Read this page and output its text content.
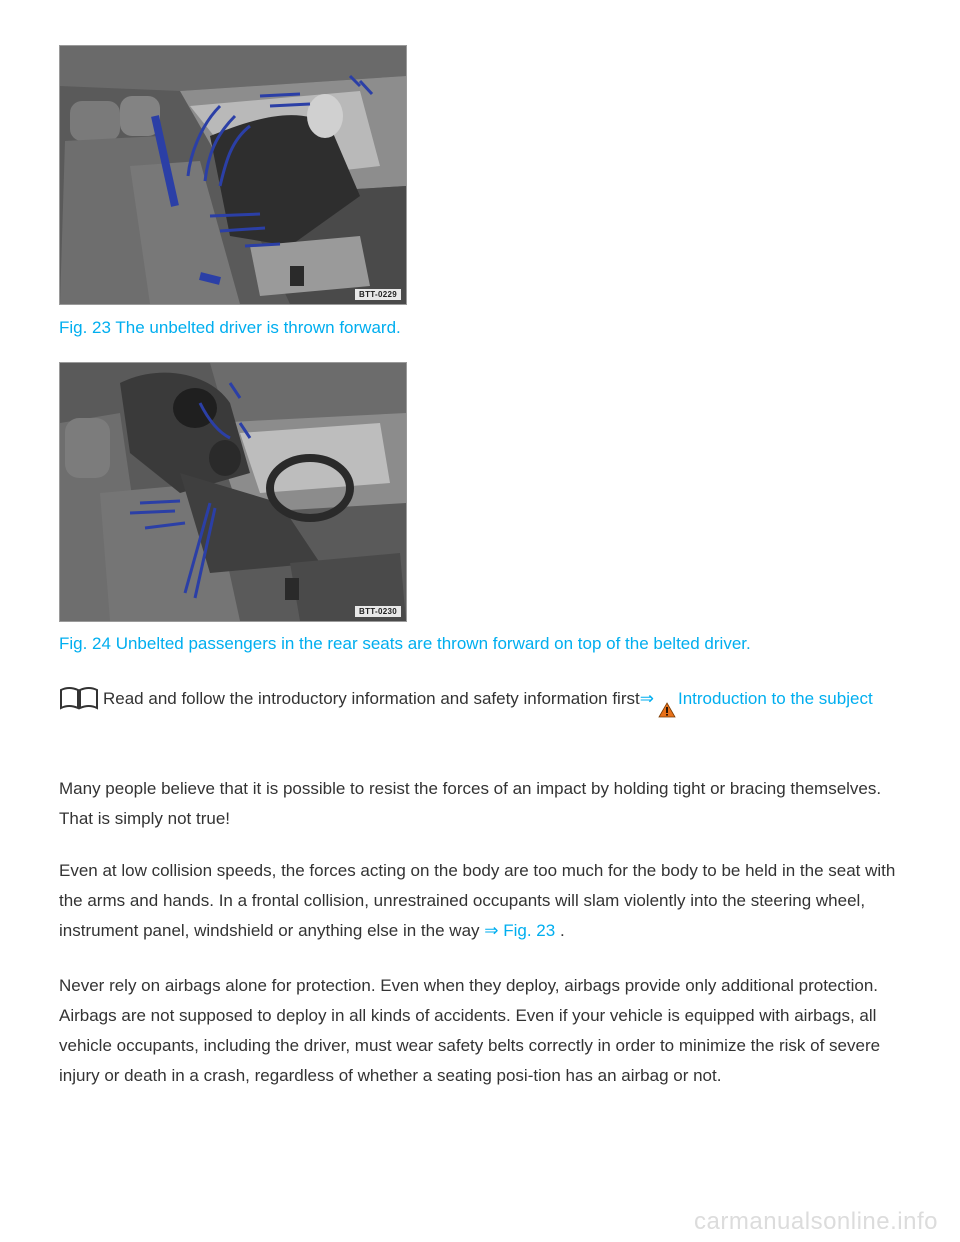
BTT-0229
Fig. 23 The unbelted driver is thrown forward.
BTT-0230
Fig. 24 Unbelted passengers in the rear seats are thrown forward on top of the belted driver.
Read and follow the introductory information and safety information first⇒ Introduction to the subject

Many people believe that it is possible to resist the forces of an impact by holding tight or bracing themselves. That is simply not true!

Even at low collision speeds, the forces acting on the body are too much for the body to be held in the seat with the arms and hands. In a frontal collision, unrestrained occupants will slam violently into the steering wheel, instrument panel, windshield or anything else in the way ⇒ Fig. 23 .

Never rely on airbags alone for protection. Even when they deploy, airbags provide only additional protection. Airbags are not supposed to deploy in all kinds of accidents. Even if your vehicle is equipped with airbags, all vehicle occupants, including the driver, must wear safety belts correctly in order to minimize the risk of severe injury or death in a crash, regardless of whether a seating posi-tion has an airbag or not.

carmanualsonline.info
